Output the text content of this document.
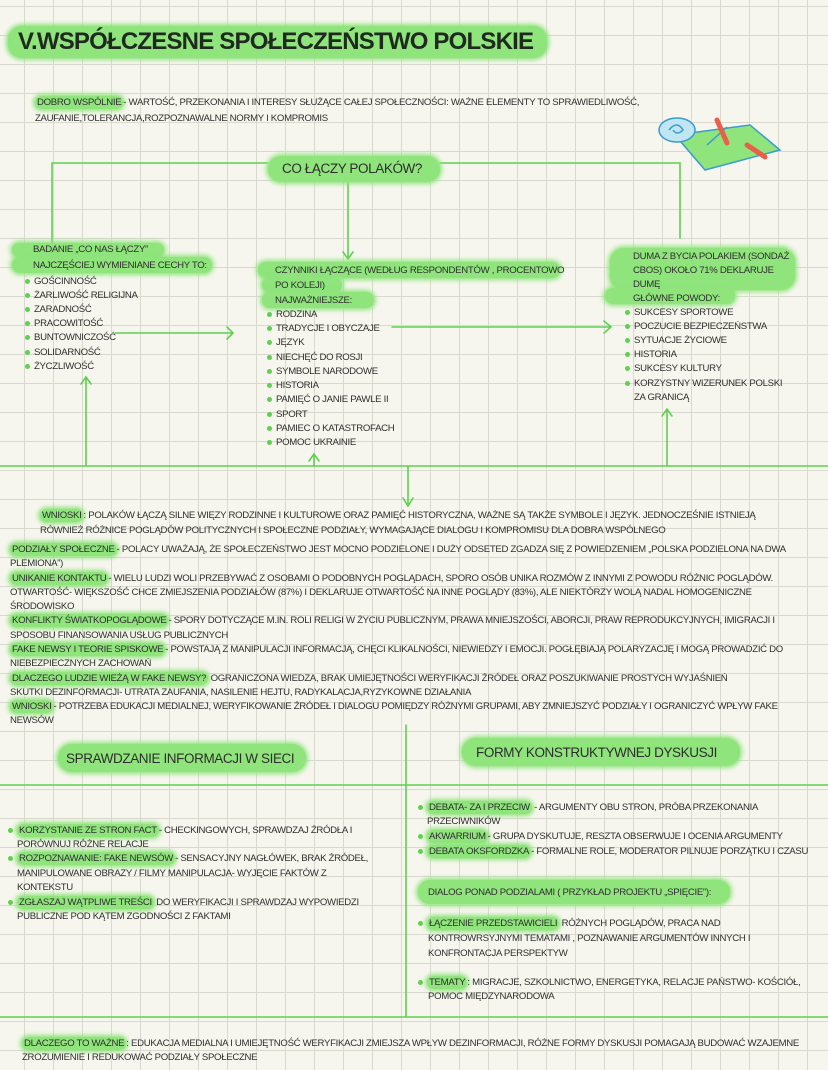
V.WSPÓŁCZESNE SPOŁECZEŃSTWO POLSKIE
DOBRO WSPÓLNIE - WARTOŚĆ, PRZEKONANIA I INTERESY SŁUŻĄCE CAŁEJ SPOŁECZNOŚCI: WAŻNE ELEMENTY TO SPRAWIEDLIWOŚĆ,
ZAUFANIE,TOLERANCJA,ROZPOZNAWALNE NORMY I KOMPROMIS
CO ŁĄCZY POLAKÓW?
BADANIE „CO NAS ŁĄCZY”
NAJCZĘŚCIEJ WYMIENIANE CECHY TO:
GOŚCINNOŚĆ
ŻARLIWOŚĆ RELIGIJNA
ZARADNOŚĆ
PRACOWITOŚĆ
BUNTOWNICZOŚĆ
SOLIDARNOŚĆ
ŻYCZLIWOŚĆ
CZYNNIKI ŁĄCZĄCE (WEDŁUG RESPONDENTÓW , PROCENTOWO
PO KOLEJI)
NAJWAŻNIEJSZE:
RODZINA
TRADYCJE I OBYCZAJE
JĘZYK
NIECHĘĆ DO ROSJI
SYMBOLE NARODOWE
HISTORIA
PAMIĘĆ O JANIE PAWLE II
SPORT
PAMIEC O KATASTROFACH
POMOC UKRAINIE
DUMA Z BYCIA POLAKIEM (SONDAŻ
CBOS) OKOŁO 71% DEKLARUJE
DUMĘ
GŁÓWNE POWODY:
SUKCESY SPORTOWE
POCZUCIE BEZPIECZEŃSTWA
SYTUACJE ŻYCIOWE
HISTORIA
SUKCESY KULTURY
KORZYSTNY WIZERUNEK POLSKI
ZA GRANICĄ
WNIOSKI : POLAKÓW ŁĄCZĄ SILNE WIĘZY RODZINNE I KULTUROWE ORAZ PAMIĘĆ HISTORYCZNA, WAŻNE SĄ TAKŻE SYMBOLE I JĘZYK. JEDNOCZEŚNIE ISTNIEJĄ
RÓWNIEŻ RÓŻNICE POGLĄDÓW POLITYCZNYCH I SPOŁECZNE PODZIAŁY, WYMAGAJĄCE DIALOGU I KOMPROMISU DLA DOBRA WSPÓLNEGO
PODZIAŁY SPOŁECZNE - POLACY UWAŻAJĄ, ŻE SPOŁECZEŃSTWO JEST MOCNO PODZIELONE I DUŻY ODSETED ZGADZA SIĘ Z POWIEDZENIEM „POLSKA PODZIELONA NA DWA
PLEMIONA”)
UNIKANIE KONTAKTU - WIELU LUDZI WOLI PRZEBYWAĆ Z OSOBAMI O PODOBNYCH POGLĄDACH, SPORO OSÓB UNIKA ROZMÓW Z INNYMI Z POWODU RÓŻNIC POGLĄDÓW.
OTWARTOŚĆ- WIĘKSZOŚĆ CHCE ZMIEJSZENIA PODZIAŁÓW (87%) I DEKLARUJE OTWARTOŚĆ NA INNE POGLĄDY (83%), ALE NIEKTÓRZY WOLĄ NADAL HOMOGENICZNE
ŚRODOWISKO
KONFLIKTY ŚWIATKOPOGLĄDOWE - SPORY DOTYCZĄCE M.IN. ROLI RELIGI W ŻYCIU PUBLICZNYM, PRAWA MNIEJSZOŚCI, ABORCJI, PRAW REPRODUKCYJNYCH, IMIGRACJI I
SPOSOBU FINANSOWANIA USŁUG PUBLICZNYCH
FAKE NEWSY I TEORIE SPISKOWE - POWSTAJĄ Z MANIPULACJI INFORMACJĄ, CHĘCI KLIKALNOŚCI, NIEWIEDZY I EMOCJI. POGŁĘBIAJĄ POLARYZACJĘ I MOGĄ PROWADZIĆ DO
NIEBEZPIECZNYCH ZACHOWAŃ
DLACZEGO LUDZIE WIEŻĄ W FAKE NEWSY? OGRANICZONA WIEDZA, BRAK UMIEJĘTNOŚCI WERYFIKACJI ŹRÓDEŁ ORAZ POSZUKIWANIE PROSTYCH WYJAŚNIEŃ
SKUTKI DEZINFORMACJI- UTRATA ZAUFANIA, NASILENIE HEJTU, RADYKALACJA,RYZYKOWNE DZIAŁANIA
WNIOSKI - POTRZEBA EDUKACJI MEDIALNEJ, WERYFIKOWANIE ŹRÓDEŁ I DIALOGU POMIĘDZY RÓŻNYMI GRUPAMI, ABY ZMNIEJSZYĆ PODZIAŁY I OGRANICZYĆ WPŁYW FAKE
NEWSÓW
SPRAWDZANIE INFORMACJI W SIECI	FORMY KONSTRUKTYWNEJ DYSKUSJI
KORZYSTANIE ZE STRON FACT - CHECKINGOWYCH, SPRAWDZAJ ŹRÓDŁA I
PORÓWNUJ RÓŻNE RELACJE
ROZPOZNAWANIE: FAKE NEWSÓW - SENSACYJNY NAGŁÓWEK, BRAK ŹRÓDEŁ,
MANIPULOWANE OBRAZY / FILMY MANIPULACJA- WYJĘCIE FAKTÓW Z
KONTEKSTU
ZGŁASZAJ WĄTPLIWE TREŚCI DO WERYFIKACJI I SPRAWDZAJ WYPOWIEDZI
PUBLICZNE POD KĄTEM ZGODNOŚCI Z FAKTAMI
DEBATA- ZA I PRZECIW - ARGUMENTY OBU STRON, PRÓBA PRZEKONANIA
PRZECIWNIKÓW
AKWARRIUM - GRUPA DYSKUTUJE, RESZTA OBSERWUJE I OCENIA ARGUMENTY
DEBATA OKSFORDZKA - FORMALNE ROLE, MODERATOR PILNUJE PORZĄTKU I CZASU
DIALOG PONAD PODZIALAMI ( PRZYKŁAD PROJEKTU „SPIĘCIE”):
ŁĄCZENIE PRZEDSTAWICIELI RÓŻNYCH POGLĄDÓW, PRACA NAD
KONTROWRSYJNYMI TEMATAMI , POZNAWANIE ARGUMENTÓW INNYCH I
KONFRONTACJA PERSPEKTYW
TEMATY : MIGRACJE, SZKOLNICTWO, ENERGETYKA, RELACJE PAŃSTWO- KOŚCIÓŁ,
POMOC MIĘDZYNARODOWA
DLACZEGO TO WAŻNE : EDUKACJA MEDIALNA I UMIEJĘTNOŚĆ WERYFIKACJI ZMIEJSZA WPŁYW DEZINFORMACJI, RÓŻNE FORMY DYSKUSJI POMAGAJĄ BUDOWAĆ WZAJEMNE
ZROZUMIENIE I REDUKOWAĆ PODZIAŁY SPOŁECZNE
